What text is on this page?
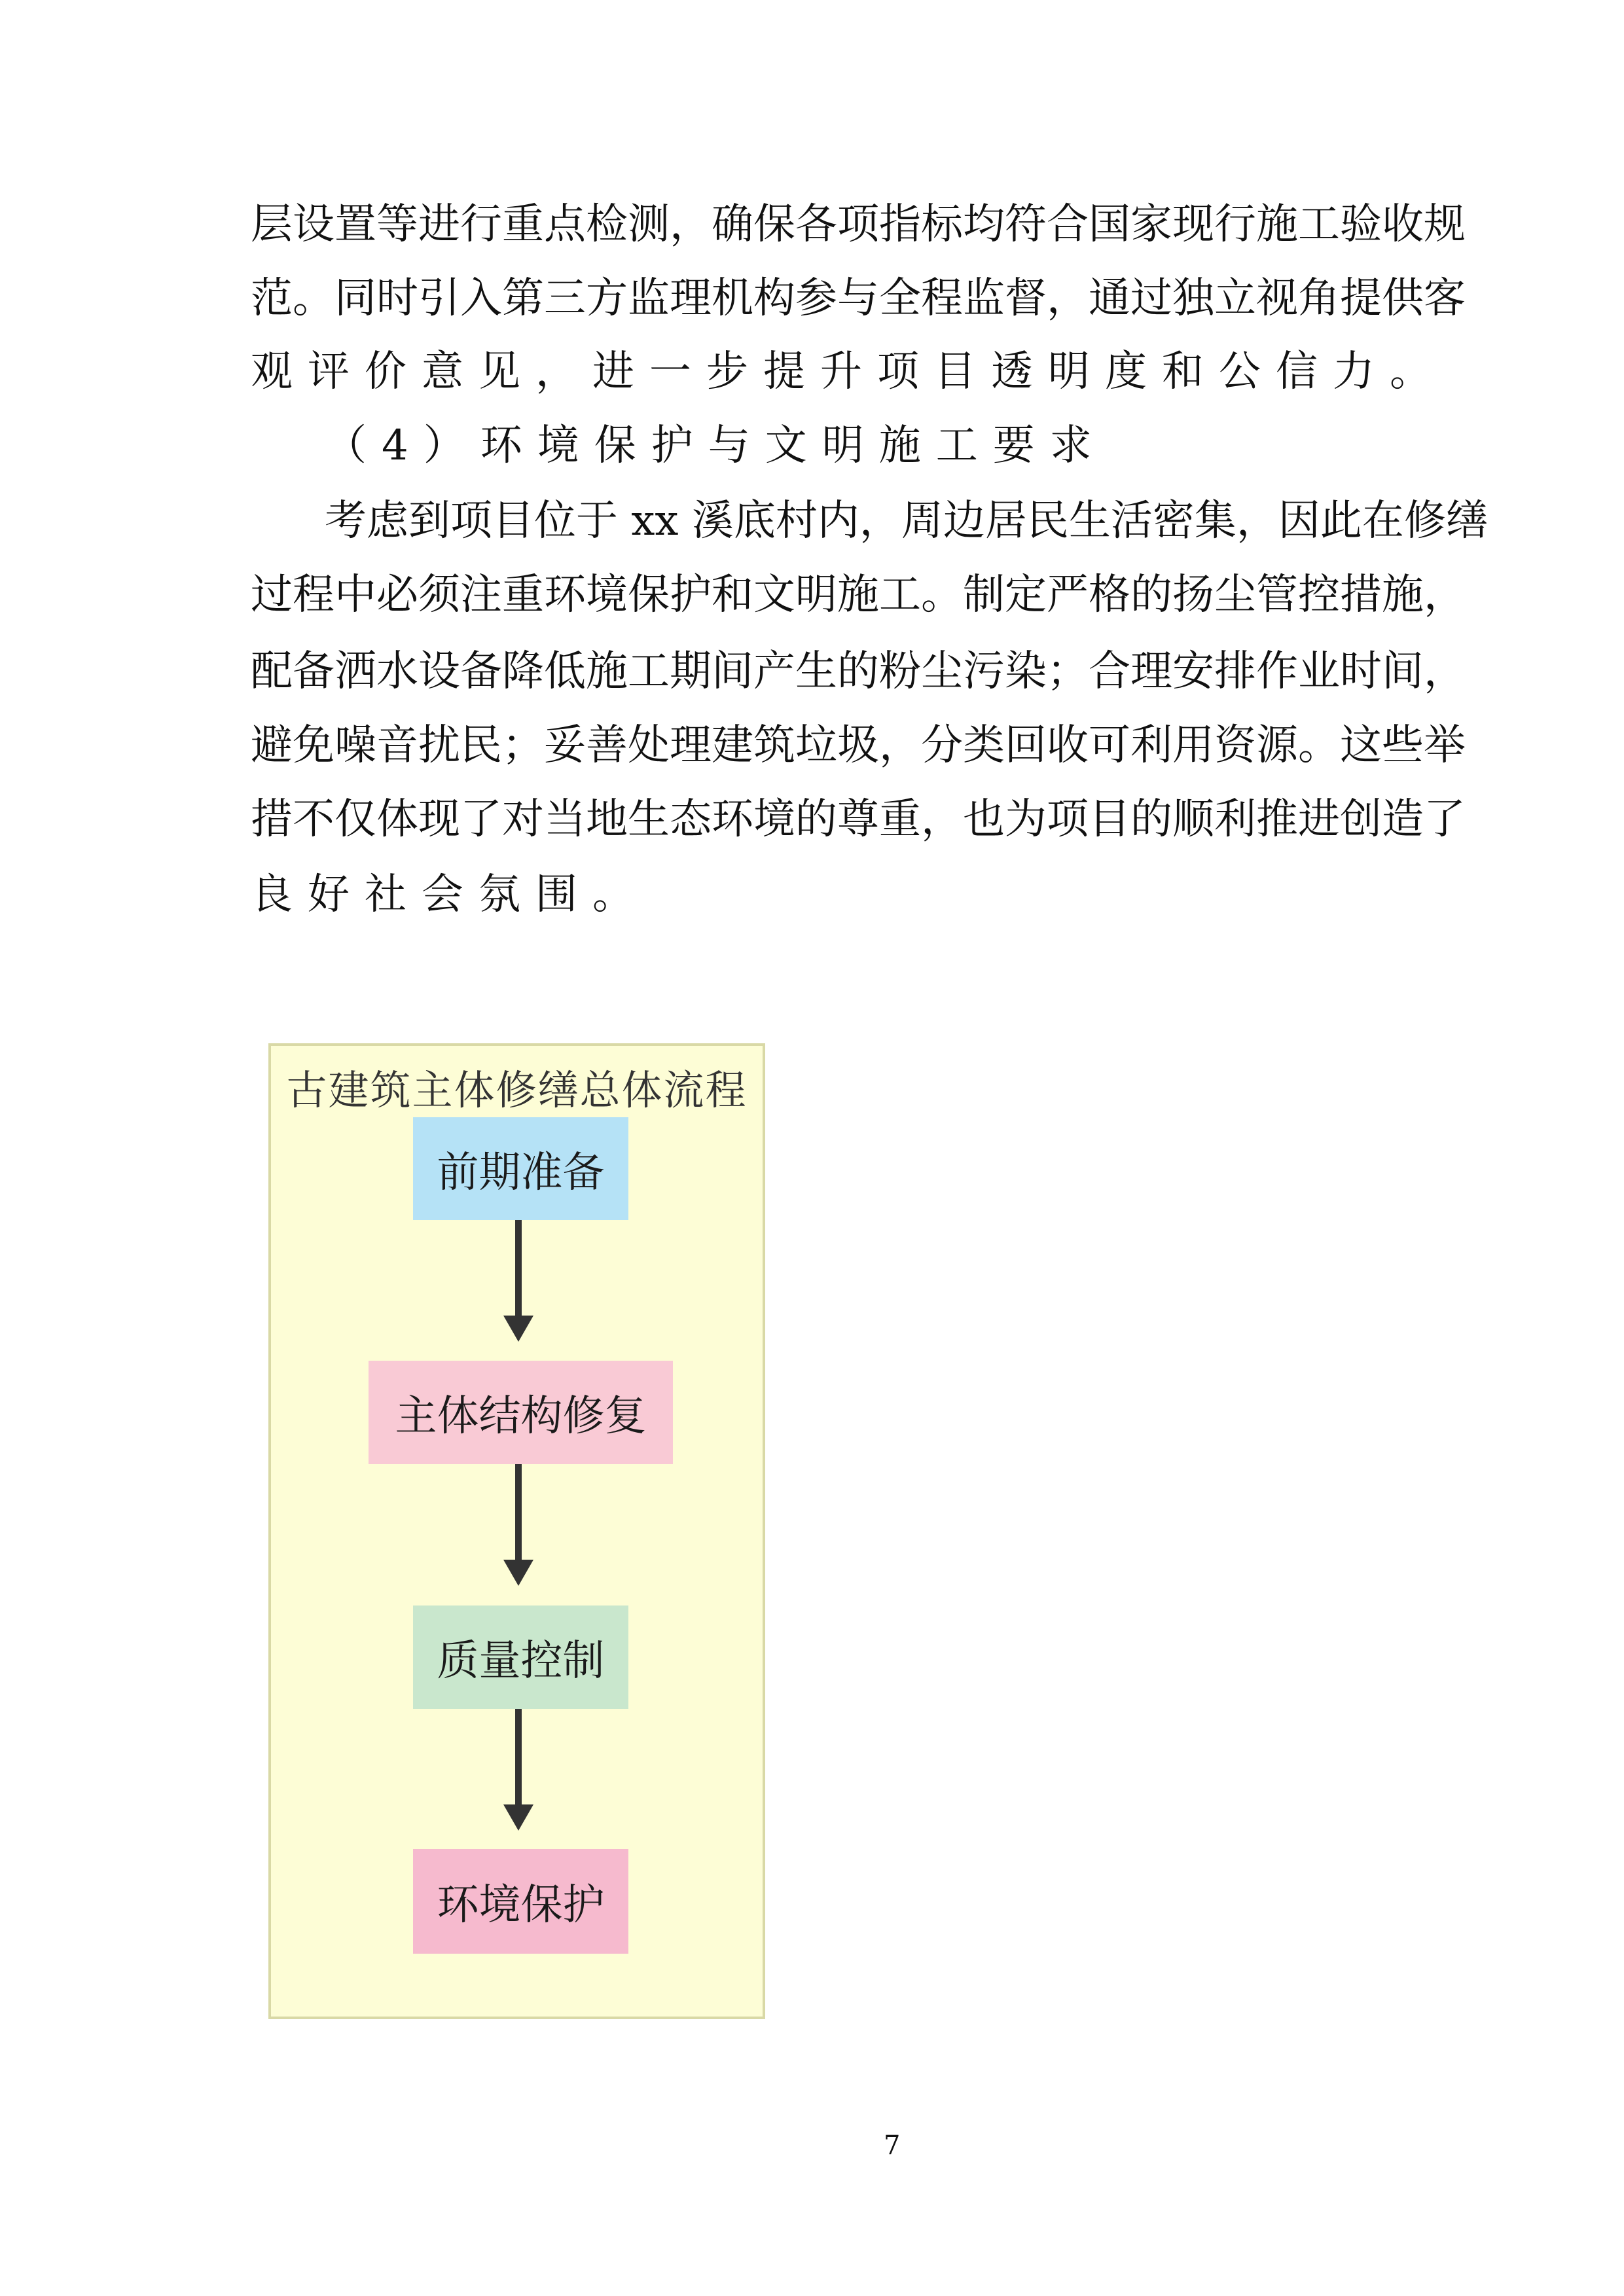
层设置等进行重点检测，确保各项指标均符合国家现行施工验收规
范。同时引入第三方监理机构参与全程监督，通过独立视角提供客
观评价意见，进一步提升项目透明度和公信力。
（4）环境保护与文明施工要求
考虑到项目位于 xx 溪底村内，周边居民生活密集，因此在修缮
过程中必须注重环境保护和文明施工。制定严格的扬尘管控措施，
配备洒水设备降低施工期间产生的粉尘污染；合理安排作业时间，
避免噪音扰民；妥善处理建筑垃圾，分类回收可利用资源。这些举
措不仅体现了对当地生态环境的尊重，也为项目的顺利推进创造了
良好社会氛围。
古建筑主体修缮总体流程
前期准备
主体结构修复
质量控制
环境保护
7
